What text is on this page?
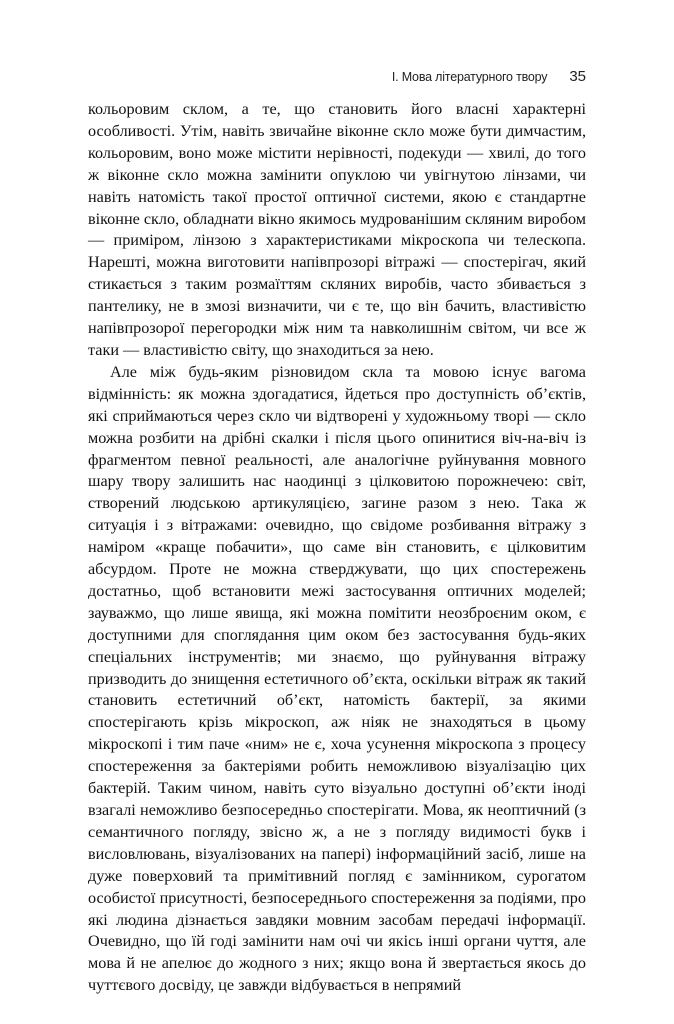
І. Мова літературного твору 35

кольоровим склом, а те, що становить його власні характерні особливості. Утім, навіть звичайне віконне скло може бути димчастим, кольоровим, воно може містити нерівності, подекуди — хвилі, до того ж віконне скло можна замінити опуклою чи увігнутою лінзами, чи навіть натомість такої простої оптичної системи, якою є стандартне віконне скло, обладнати вікно якимось мудрованішим скляним виробом — приміром, лінзою з характеристиками мікроскопа чи телескопа. Нарешті, можна виготовити напівпрозорі вітражі — спостерігач, який стикається з таким розмаїттям скляних виробів, часто збивається з пантелику, не в змозі визначити, чи є те, що він бачить, властивістю напівпрозорої перегородки між ним та навколишнім світом, чи все ж таки — властивістю світу, що знаходиться за нею.

Але між будь-яким різновидом скла та мовою існує вагома відмінність: як можна здогадатися, йдеться про доступність об’єктів, які сприймаються через скло чи відтворені у художньому творі — скло можна розбити на дрібні скалки і після цього опинитися віч-на-віч із фрагментом певної реальності, але аналогічне руйнування мовного шару твору залишить нас наодинці з цілковитою порожнечею: світ, створений людською артикуляцією, загине разом з нею. Така ж ситуація і з вітражами: очевидно, що свідоме розбивання вітражу з наміром «краще побачити», що саме він становить, є цілковитим абсурдом. Проте не можна стверджувати, що цих спостережень достатньо, щоб встановити межі застосування оптичних моделей; зауважмо, що лише явища, які можна помітити неозброєним оком, є доступними для споглядання цим оком без застосування будь-яких спеціальних інструментів; ми знаємо, що руйнування вітражу призводить до знищення естетичного об’єкта, оскільки вітраж як такий становить естетичний об’єкт, натомість бактерії, за якими спостерігають крізь мікроскоп, аж ніяк не знаходяться в цьому мікроскопі і тим паче «ним» не є, хоча усунення мікроскопа з процесу спостереження за бактеріями робить неможливою візуалізацію цих бактерій. Таким чином, навіть суто візуально доступні об’єкти іноді взагалі неможливо безпосередньо спостерігати. Мова, як неоптичний (з семантичного погляду, звісно ж, а не з погляду видимості букв і висловлювань, візуалізованих на папері) інформаційний засіб, лише на дуже поверховий та примітивний погляд є замінником, сурогатом особистої присутності, безпосереднього спостереження за подіями, про які людина дізнається завдяки мовним засобам передачі інформації. Очевидно, що їй годі замінити нам очі чи якісь інші органи чуття, але мова й не апелює до жодного з них; якщо вона й звертається якось до чуттєвого досвіду, це завжди відбувається в непрямий
